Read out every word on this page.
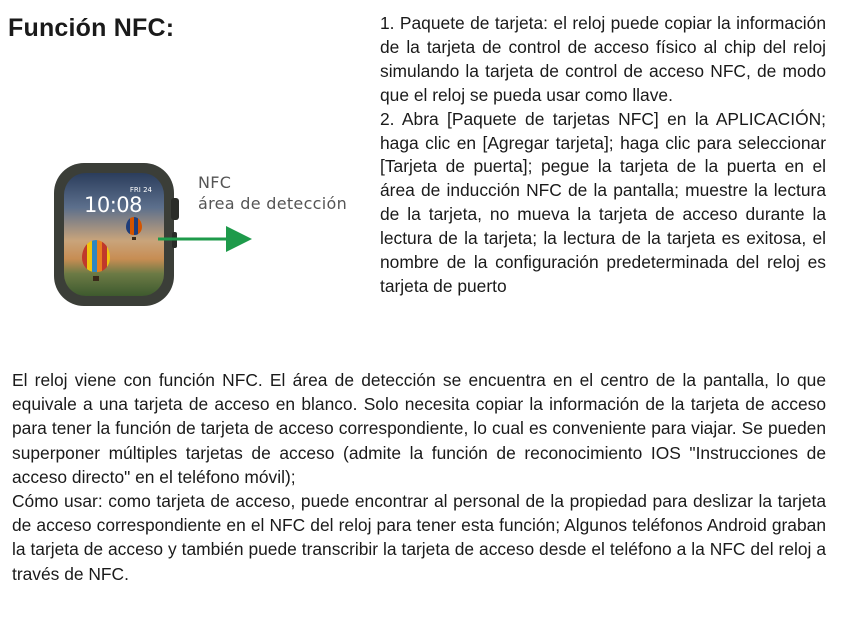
Función NFC:
FRI 24
10:08
NFC
área de detección

1. Paquete de tarjeta: el reloj puede copiar la información de la tarjeta de control de acceso físico al chip del reloj simulando la tarjeta de control de acceso NFC, de modo que el reloj se pueda usar como llave.

2. Abra [Paquete de tarjetas NFC] en la APLICACIÓN; haga clic en [Agregar tarjeta]; haga clic para seleccionar [Tarjeta de puerta]; pegue la tarjeta de la puerta en el área de inducción NFC de la pantalla; muestre la lectura de la tarjeta, no mueva la tarjeta de acceso durante la lectura de la tarjeta; la lectura de la tarjeta es exitosa, el nombre de la configuración predeterminada del reloj es tarjeta de puerto

El reloj viene con función NFC. El área de detección se encuentra en el centro de la pantalla, lo que equivale a una tarjeta de acceso en blanco. Solo necesita copiar la información de la tarjeta de acceso para tener la función de tarjeta de acceso correspondiente, lo cual es conveniente para viajar. Se pueden superponer múltiples tarjetas de acceso (admite la función de reconocimiento IOS "Instrucciones de acceso directo" en el teléfono móvil);

Cómo usar: como tarjeta de acceso, puede encontrar al personal de la propiedad para deslizar la tarjeta de acceso correspondiente en el NFC del reloj para tener esta función; Algunos teléfonos Android graban la tarjeta de acceso y también puede transcribir la tarjeta de acceso desde el teléfono a la NFC del reloj a través de NFC.
